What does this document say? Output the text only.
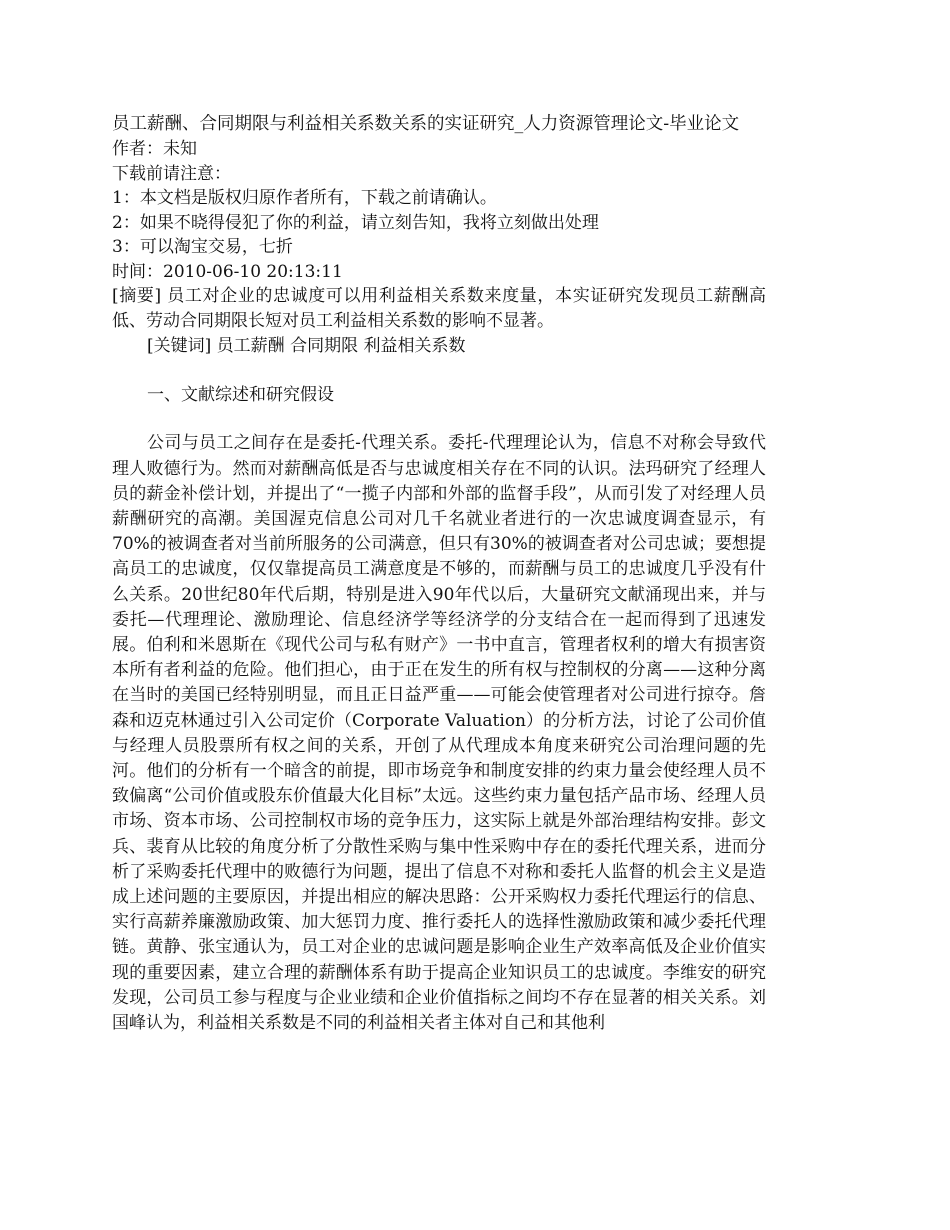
员工薪酬、合同期限与利益相关系数关系的实证研究_人力资源管理论文-毕业论文
作者：未知
下载前请注意：
1：本文档是版权归原作者所有，下载之前请确认。
2：如果不晓得侵犯了你的利益，请立刻告知，我将立刻做出处理
3：可以淘宝交易，七折
时间：2010-06-10 20:13:11
[摘要] 员工对企业的忠诚度可以用利益相关系数来度量，本实证研究发现员工薪酬高低、劳动合同期限长短对员工利益相关系数的影响不显著。
[关键词] 员工薪酬 合同期限 利益相关系数
一、文献综述和研究假设
公司与员工之间存在是委托-代理关系。委托-代理理论认为，信息不对称会导致代理人败德行为。然而对薪酬高低是否与忠诚度相关存在不同的认识。法玛研究了经理人员的薪金补偿计划，并提出了“一揽子内部和外部的监督手段”，从而引发了对经理人员薪酬研究的高潮。美国渥克信息公司对几千名就业者进行的一次忠诚度调查显示，有70%的被调查者对当前所服务的公司满意，但只有30%的被调查者对公司忠诚；要想提高员工的忠诚度，仅仅靠提高员工满意度是不够的，而薪酬与员工的忠诚度几乎没有什么关系。20世纪80年代后期，特别是进入90年代以后，大量研究文献涌现出来，并与委托—代理理论、激励理论、信息经济学等经济学的分支结合在一起而得到了迅速发展。伯利和米恩斯在《现代公司与私有财产》一书中直言，管理者权利的增大有损害资本所有者利益的危险。他们担心，由于正在发生的所有权与控制权的分离——这种分离在当时的美国已经特别明显，而且正日益严重——可能会使管理者对公司进行掠夺。詹森和迈克林通过引入公司定价（Corporate Valuation）的分析方法，讨论了公司价值与经理人员股票所有权之间的关系，开创了从代理成本角度来研究公司治理问题的先河。他们的分析有一个暗含的前提，即市场竞争和制度安排的约束力量会使经理人员不致偏离“公司价值或股东价值最大化目标”太远。这些约束力量包括产品市场、经理人员市场、资本市场、公司控制权市场的竞争压力，这实际上就是外部治理结构安排。彭文兵、裴育从比较的角度分析了分散性采购与集中性采购中存在的委托代理关系，进而分析了采购委托代理中的败德行为问题，提出了信息不对称和委托人监督的机会主义是造成上述问题的主要原因，并提出相应的解决思路：公开采购权力委托代理运行的信息、实行高薪养廉激励政策、加大惩罚力度、推行委托人的选择性激励政策和减少委托代理链。黄静、张宝通认为，员工对企业的忠诚问题是影响企业生产效率高低及企业价值实现的重要因素，建立合理的薪酬体系有助于提高企业知识员工的忠诚度。李维安的研究发现，公司员工参与程度与企业业绩和企业价值指标之间均不存在显著的相关关系。刘国峰认为，利益相关系数是不同的利益相关者主体对自己和其他利
